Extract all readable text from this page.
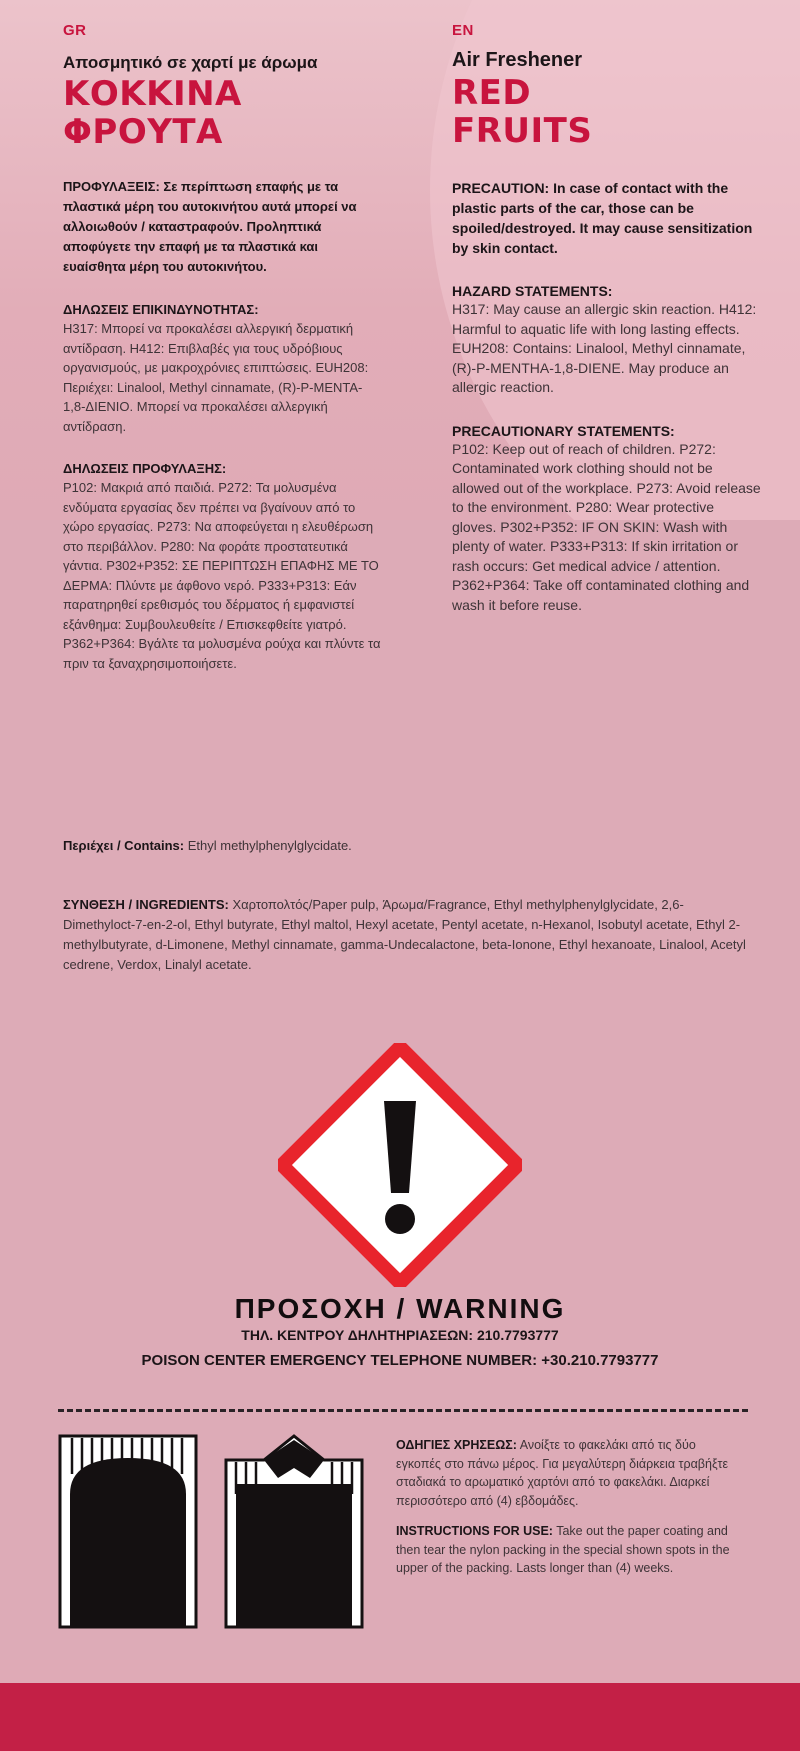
GR
Αποσμητικό σε χαρτί με άρωμα
ΚΟΚΚΙΝΑ
ΦΡΟΥΤΑ
ΠΡΟΦΥΛΑΞΕΙΣ: Σε περίπτωση επαφής με τα πλαστικά μέρη του αυτοκινήτου αυτά μπορεί να αλλοιωθούν / καταστραφούν. Προληπτικά αποφύγετε την επαφή με τα πλαστικά και ευαίσθητα μέρη του αυτοκινήτου.
ΔΗΛΩΣΕΙΣ ΕΠΙΚΙΝΔΥΝΟΤΗΤΑΣ:
H317: Μπορεί να προκαλέσει αλλεργική δερματική αντίδραση. H412: Επιβλαβές για τους υδρόβιους οργανισμούς, με μακροχρόνιες επιπτώσεις. EUH208: Περιέχει: Linalool, Methyl cinnamate, (R)-P-MENTA-1,8-ΔΙΕΝΙΟ. Μπορεί να προκαλέσει αλλεργική αντίδραση.
ΔΗΛΩΣΕΙΣ ΠΡΟΦΥΛΑΞΗΣ:
P102: Μακριά από παιδιά. P272: Τα μολυσμένα ενδύματα εργασίας δεν πρέπει να βγαίνουν από το χώρο εργασίας. P273: Να αποφεύγεται η ελευθέρωση στο περιβάλλον. P280: Να φοράτε προστατευτικά γάντια. P302+P352: ΣΕ ΠΕΡΙΠΤΩΣΗ ΕΠΑΦΗΣ ΜΕ ΤΟ ΔΕΡΜΑ: Πλύντε με άφθονο νερό. P333+P313: Εάν παρατηρηθεί ερεθισμός του δέρματος ή εμφανιστεί εξάνθημα: Συμβουλευθείτε / Επισκεφθείτε γιατρό. P362+P364: Βγάλτε τα μολυσμένα ρούχα και πλύντε τα πριν τα ξαναχρησιμοποιήσετε.
EN
Air Freshener
RED
FRUITS
PRECAUTION: In case of contact with the plastic parts of the car, those can be spoiled/destroyed. It may cause sensitization by skin contact.
HAZARD STATEMENTS:
H317: May cause an allergic skin reaction. H412: Harmful to aquatic life with long lasting effects. EUH208: Contains: Linalool, Methyl cinnamate, (R)-P-MENTHA-1,8-DIENE. May produce an allergic reaction.
PRECAUTIONARY STATEMENTS:
P102: Keep out of reach of children. P272: Contaminated work clothing should not be allowed out of the workplace. P273: Avoid release to the environment. P280: Wear protective gloves. P302+P352: IF ON SKIN: Wash with plenty of water. P333+P313: If skin irritation or rash occurs: Get medical advice / attention. P362+P364: Take off contaminated clothing and wash it before reuse.
Περιέχει / Contains: Ethyl methylphenylglycidate.
ΣΥΝΘΕΣΗ / INGREDIENTS: Χαρτοπολτός/Paper pulp, Άρωμα/Fragrance, Ethyl methylphenylglycidate, 2,6- Dimethyloct-7-en-2-ol, Ethyl butyrate, Ethyl maltol, Hexyl acetate, Pentyl acetate, n-Hexanol, Isobutyl acetate, Ethyl 2-methylbutyrate, d-Limonene, Methyl cinnamate, gamma-Undecalactone, beta-Ionone, Ethyl hexanoate, Linalool, Acetyl cedrene, Verdox, Linalyl acetate.
ΠΡΟΣΟΧΗ / WARNING
ΤΗΛ. ΚΕΝΤΡΟΥ ΔΗΛΗΤΗΡΙΑΣΕΩΝ: 210.7793777
POISON CENTER EMERGENCY TELEPHONE NUMBER: +30.210.7793777

ΟΔΗΓΙΕΣ ΧΡΗΣΕΩΣ: Ανοίξτε το φακελάκι από τις δύο εγκοπές στο πάνω μέρος. Για μεγαλύτερη διάρκεια τραβήξτε σταδιακά το αρωματικό χαρτόνι από το φακελάκι. Διαρκεί περισσότερο από (4) εβδομάδες.

INSTRUCTIONS FOR USE: Take out the paper coating and then tear the nylon packing in the special shown spots in the upper of the packing. Lasts longer than (4) weeks.
